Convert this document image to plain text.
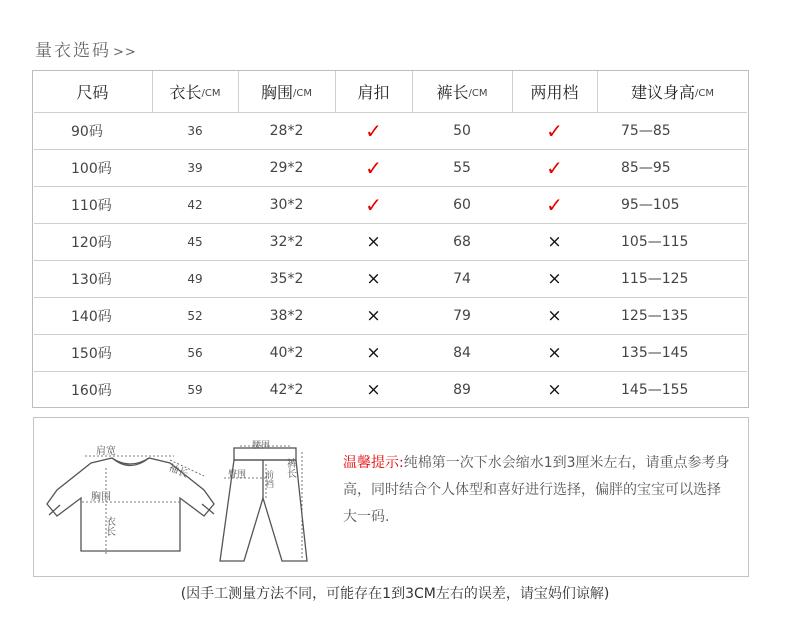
量衣选码 >>
尺码	衣长 /CM	胸围 /CM	肩扣	裤长 /CM	两用档	建议身高 /CM
90码	36	28*2	✓	50	✓	75—85
100码	39	29*2	✓	55	✓	85—95
110码	42	30*2	✓	60	✓	95—105
120码	45	32*2	×	68	×	105—115
130码	49	35*2	×	74	×	115—125
140码	52	38*2	×	79	×	125—135
150码	56	40*2	×	84	×	135—145
160码	59	42*2	×	89	×	145—155
肩宽
袖长
胸围
衣长
腰围
臀围 前裆
裤长	温馨提示:纯棉第一次下水会缩水1到3厘米左右，请重点参考身高，同时结合个人体型和喜好进行选择，偏胖的宝宝可以选择大一码.
(因手工测量方法不同，可能存在1到3CM左右的误差，请宝妈们谅解)
